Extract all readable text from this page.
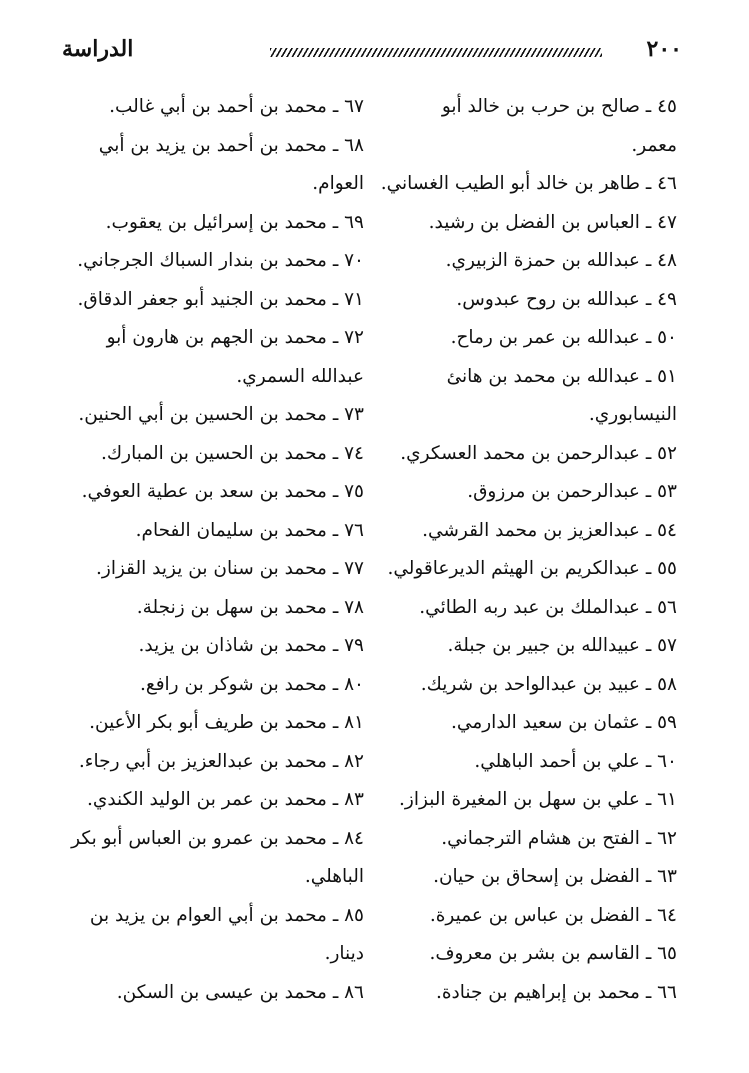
٢٠٠
الدراسة
٤٥ ـ صالح بن حرب بن خالد أبو
معمر.
٤٦ ـ طاهر بن خالد أبو الطيب الغساني.
٤٧ ـ العباس بن الفضل بن رشيد.
٤٨ ـ عبدالله بن حمزة الزبيري.
٤٩ ـ عبدالله بن روح عبدوس.
٥٠ ـ عبدالله بن عمر بن رماح.
٥١ ـ عبدالله بن محمد بن هانئ
النيسابوري.
٥٢ ـ عبدالرحمن بن محمد العسكري.
٥٣ ـ عبدالرحمن بن مرزوق.
٥٤ ـ عبدالعزيز بن محمد القرشي.
٥٥ ـ عبدالكريم بن الهيثم الديرعاقولي.
٥٦ ـ عبدالملك بن عبد ربه الطائي.
٥٧ ـ عبيدالله بن جبير بن جبلة.
٥٨ ـ عبيد بن عبدالواحد بن شريك.
٥٩ ـ عثمان بن سعيد الدارمي.
٦٠ ـ علي بن أحمد الباهلي.
٦١ ـ علي بن سهل بن المغيرة البزاز.
٦٢ ـ الفتح بن هشام الترجماني.
٦٣ ـ الفضل بن إسحاق بن حيان.
٦٤ ـ الفضل بن عباس بن عميرة.
٦٥ ـ القاسم بن بشر بن معروف.
٦٦ ـ محمد بن إبراهيم بن جنادة.
٦٧ ـ محمد بن أحمد بن أبي غالب.
٦٨ ـ محمد بن أحمد بن يزيد بن أبي
العوام.
٦٩ ـ محمد بن إسرائيل بن يعقوب.
٧٠ ـ محمد بن بندار السباك الجرجاني.
٧١ ـ محمد بن الجنيد أبو جعفر الدقاق.
٧٢ ـ محمد بن الجهم بن هارون أبو
عبدالله السمري.
٧٣ ـ محمد بن الحسين بن أبي الحنين.
٧٤ ـ محمد بن الحسين بن المبارك.
٧٥ ـ محمد بن سعد بن عطية العوفي.
٧٦ ـ محمد بن سليمان الفحام.
٧٧ ـ محمد بن سنان بن يزيد القزاز.
٧٨ ـ محمد بن سهل بن زنجلة.
٧٩ ـ محمد بن شاذان بن يزيد.
٨٠ ـ محمد بن شوكر بن رافع.
٨١ ـ محمد بن طريف أبو بكر الأعين.
٨٢ ـ محمد بن عبدالعزيز بن أبي رجاء.
٨٣ ـ محمد بن عمر بن الوليد الكندي.
٨٤ ـ محمد بن عمرو بن العباس أبو بكر
الباهلي.
٨٥ ـ محمد بن أبي العوام بن يزيد بن
دينار.
٨٦ ـ محمد بن عيسى بن السكن.
